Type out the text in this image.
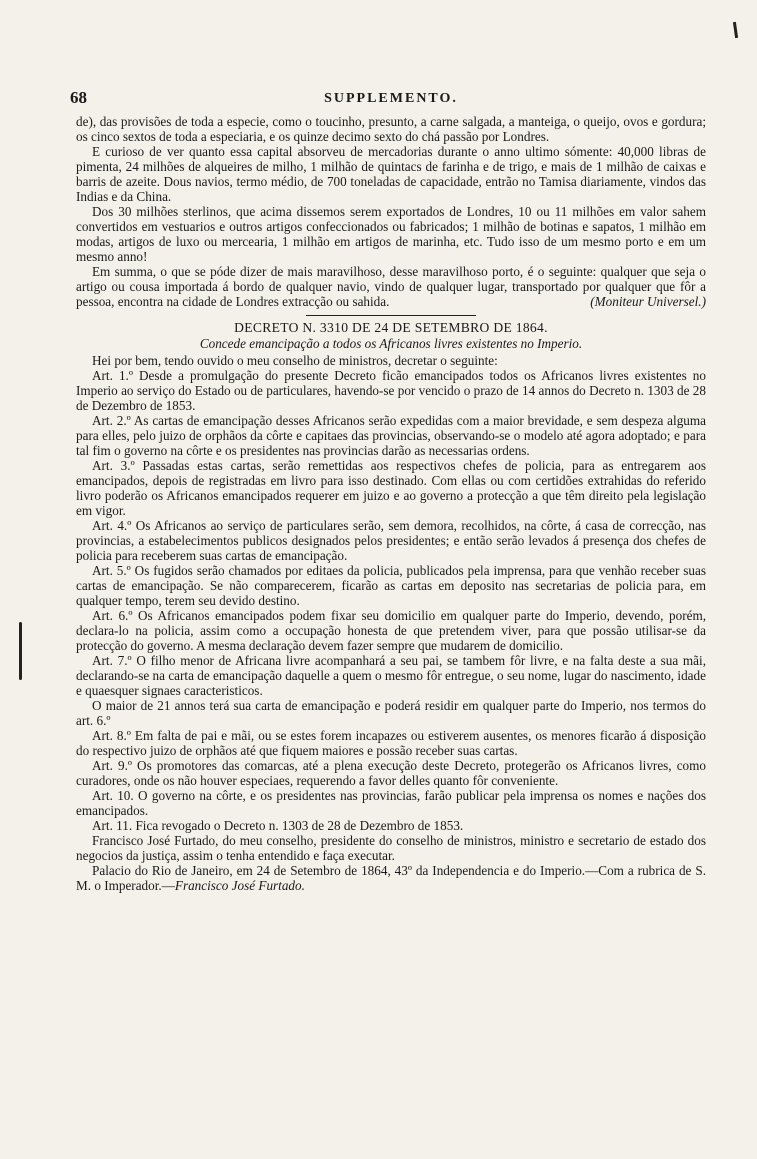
68	SUPPLEMENTO.

de), das provisões de toda a especie, como o toucinho, presunto, a carne salgada, a manteiga, o queijo, ovos e gordura; os cinco sextos de toda a especiaria, e os quinze decimo sexto do chá passão por Londres.

E curioso de ver quanto essa capital absorveu de mercadorias durante o anno ultimo sómente: 40,000 libras de pimenta, 24 milhões de alqueires de milho, 1 milhão de quintacs de farinha e de trigo, e mais de 1 milhão de caixas e barris de azeite. Dous navios, termo médio, de 700 toneladas de capacidade, entrão no Tamisa diariamente, vindos das Indias e da China.

Dos 30 milhões sterlinos, que acima dissemos serem exportados de Londres, 10 ou 11 milhões em valor sahem convertidos em vestuarios e outros artigos confeccionados ou fabricados; 1 milhão de botinas e sapatos, 1 milhão em modas, artigos de luxo ou mercearia, 1 milhão em artigos de marinha, etc. Tudo isso de um mesmo porto e em um mesmo anno!

Em summa, o que se póde dizer de mais maravilhoso, desse maravilhoso porto, é o seguinte: qualquer que seja o artigo ou cousa importada á bordo de qualquer navio, vindo de qualquer lugar, transportado por qualquer que fôr a pessoa, encontra na cidade de Londres extracção ou sahida.	(Moniteur Universel.)

DECRETO N. 3310 DE 24 DE SETEMBRO DE 1864.
Concede emancipação a todos os Africanos livres existentes no Imperio.

Hei por bem, tendo ouvido o meu conselho de ministros, decretar o seguinte:

Art. 1.º Desde a promulgação do presente Decreto ficão emancipados todos os Africanos livres existentes no Imperio ao serviço do Estado ou de particulares, havendo-se por vencido o prazo de 14 annos do Decreto n. 1303 de 28 de Dezembro de 1853.

Art. 2.º As cartas de emancipação desses Africanos serão expedidas com a maior brevidade, e sem despeza alguma para elles, pelo juizo de orphãos da côrte e capitaes das provincias, observando-se o modelo até agora adoptado; e para tal fim o governo na côrte e os presidentes nas provincias darão as necessarias ordens.

Art. 3.º Passadas estas cartas, serão remettidas aos respectivos chefes de policia, para as entregarem aos emancipados, depois de registradas em livro para isso destinado. Com ellas ou com certidões extrahidas do referido livro poderão os Africanos emancipados requerer em juizo e ao governo a protecção a que têm direito pela legislação em vigor.

Art. 4.º Os Africanos ao serviço de particulares serão, sem demora, recolhidos, na côrte, á casa de correcção, nas provincias, a estabelecimentos publicos designados pelos presidentes; e então serão levados á presença dos chefes de policia para receberem suas cartas de emancipação.

Art. 5.º Os fugidos serão chamados por editaes da policia, publicados pela imprensa, para que venhão receber suas cartas de emancipação. Se não comparecerem, ficarão as cartas em deposito nas secretarias de policia para, em qualquer tempo, terem seu devido destino.

Art. 6.º Os Africanos emancipados podem fixar seu domicilio em qualquer parte do Imperio, devendo, porém, declara-lo na policia, assim como a occupação honesta de que pretendem viver, para que possão utilisar-se da protecção do governo. A mesma declaração devem fazer sempre que mudarem de domicilio.

Art. 7.º O filho menor de Africana livre acompanhará a seu pai, se tambem fôr livre, e na falta deste a sua mãi, declarando-se na carta de emancipação daquelle a quem o mesmo fôr entregue, o seu nome, lugar do nascimento, idade e quaesquer signaes caracteristicos.

O maior de 21 annos terá sua carta de emancipação e poderá residir em qualquer parte do Imperio, nos termos do art. 6.º

Art. 8.º Em falta de pai e mãi, ou se estes forem incapazes ou estiverem ausentes, os menores ficarão á disposição do respectivo juizo de orphãos até que fiquem maiores e possão receber suas cartas.

Art. 9.º Os promotores das comarcas, até a plena execução deste Decreto, protegerão os Africanos livres, como curadores, onde os não houver especiaes, requerendo a favor delles quanto fôr conveniente.

Art. 10. O governo na côrte, e os presidentes nas provincias, farão publicar pela imprensa os nomes e nações dos emancipados.

Art. 11. Fica revogado o Decreto n. 1303 de 28 de Dezembro de 1853.

Francisco José Furtado, do meu conselho, presidente do conselho de ministros, ministro e secretario de estado dos negocios da justiça, assim o tenha entendido e faça executar.

Palacio do Rio de Janeiro, em 24 de Setembro de 1864, 43º da Independencia e do Imperio.—Com a rubrica de S. M. o Imperador.—Francisco José Furtado.
